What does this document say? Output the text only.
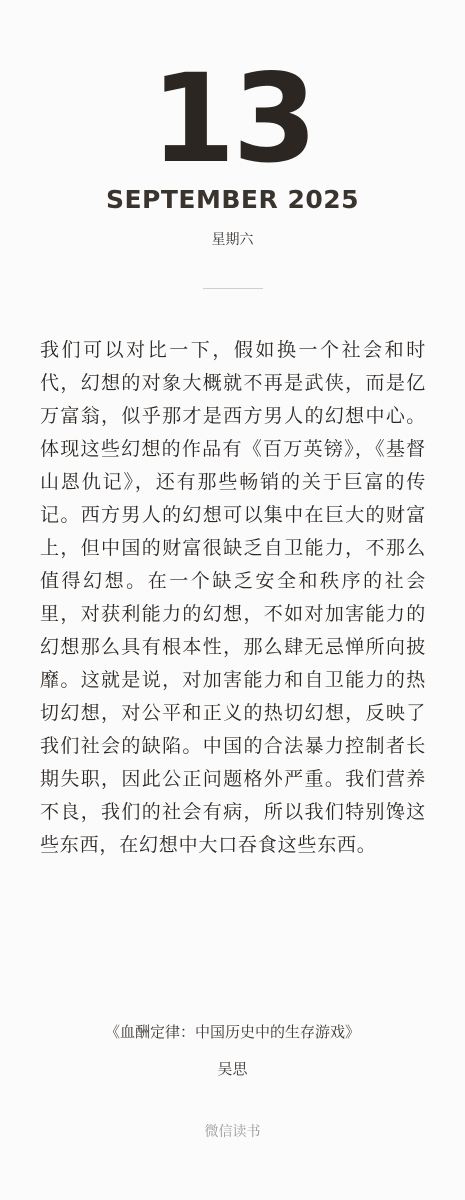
13
SEPTEMBER 2025
星期六

我们可以对比一下，假如换一个社会和时代，幻想的对象大概就不再是武侠，而是亿万富翁，似乎那才是西方男人的幻想中心。体现这些幻想的作品有《百万英镑》，《基督山恩仇记》，还有那些畅销的关于巨富的传记。西方男人的幻想可以集中在巨大的财富上，但中国的财富很缺乏自卫能力，不那么值得幻想。在一个缺乏安全和秩序的社会里，对获利能力的幻想，不如对加害能力的幻想那么具有根本性，那么肆无忌惮所向披靡。这就是说，对加害能力和自卫能力的热切幻想，对公平和正义的热切幻想，反映了我们社会的缺陷。中国的合法暴力控制者长期失职，因此公正问题格外严重。我们营养不良，我们的社会有病，所以我们特别馋这些东西，在幻想中大口吞食这些东西。

《血酬定律：中国历史中的生存游戏》
吴思
微信读书
